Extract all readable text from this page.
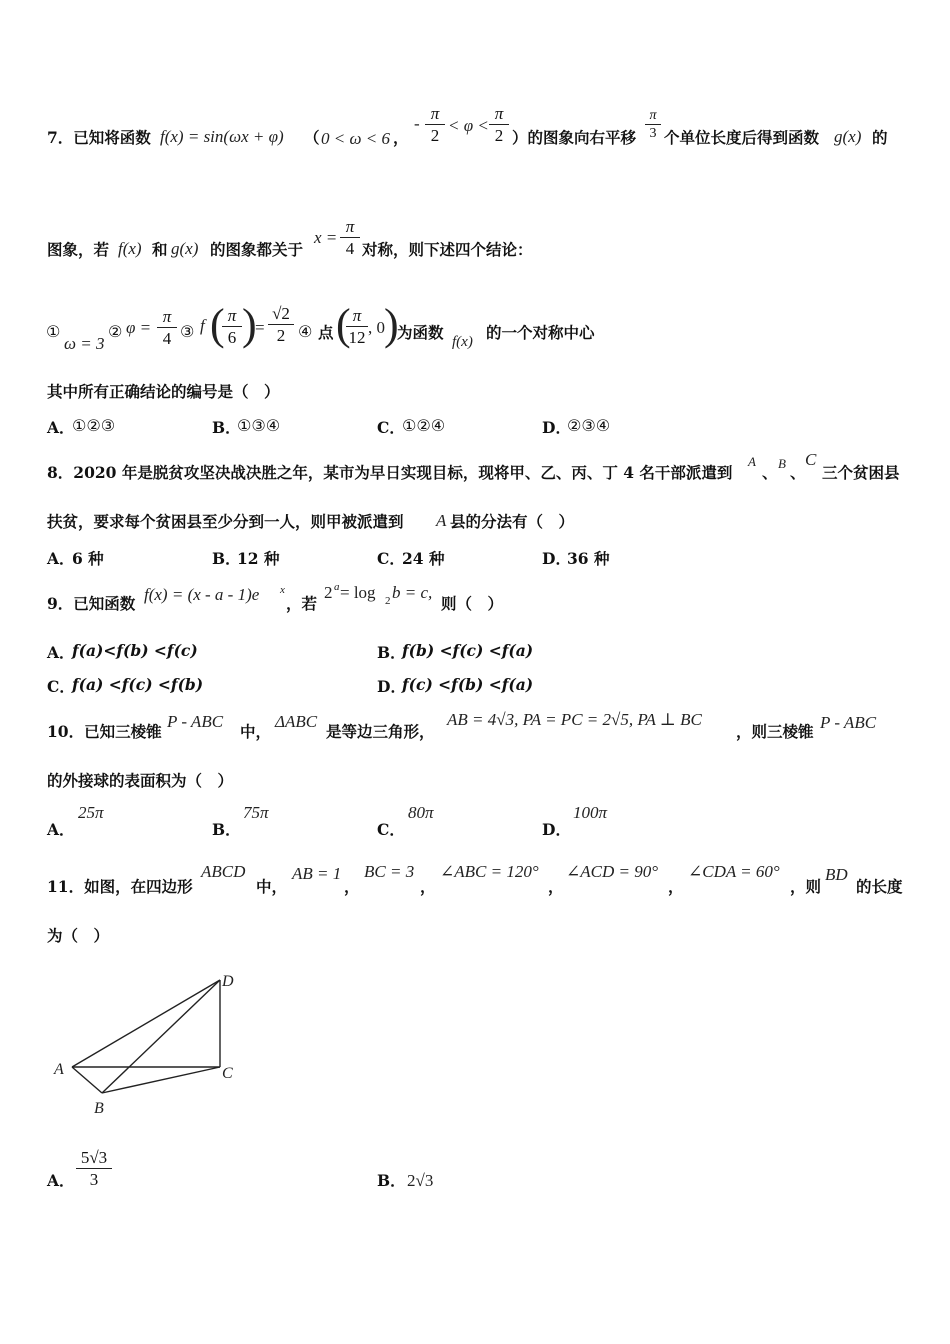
7．已知将函数 f(x) = sin(ωx + φ) （ 0 < ω < 6 ，
-
π
2
< φ <
π
2 ）的图象向右平移
π
3 个单位长度后得到函数 g(x) 的
图象，若 f(x) 和 g(x) 的图象都关于
x =
π
4 对称，则下述四个结论：
①
ω = 3
② φ =
π
4 ③ f ( π
6 )
=
√2
2 ④ 点 ( π
12
, 0 )
为函数 f(x) 的一个对称中心
其中所有正确结论的编号是（　）
A．
①②③	B．
①③④	C．
①②④	D．
②③④
8．2020 年是脱贫攻坚决战决胜之年，某市为早日实现目标，现将甲、乙、丙、丁 4 名干部派遣到
A
、 B 、
C
三个贫困县
扶贫，要求每个贫困县至少分到一人，则甲被派遣到 A 县的分法有（　）
A．
6 种	B．
12 种	C．
24 种	D．
36 种
9．已知函数 f(x) = (x - a - 1)e x
，若
2 a = log 2 b = c,
则（　）
A．
f(a)<f(b) <f(c)	B．
f(b) <f(c) <f(a)
C．
f(a) <f(c) <f(b)	D．
f(c) <f(b) <f(a)
10．已知三棱锥
P - ABC
中，
ΔABC
是等边三角形，
AB = 4√3, PA = PC = 2√5, PA ⊥ BC
，则三棱锥 P - ABC
的外接球的表面积为（　）
A．
25π
B．
75π
C．
80π
D．
100π
11．如图，在四边形
ABCD
中，
AB = 1
，
BC = 3
，
∠ABC = 120°
，
∠ACD = 90°
，
∠CDA = 60°
，则
BD
的长度
为（　）
A
B
C
D
A．
5√3
3	B． 2√3
